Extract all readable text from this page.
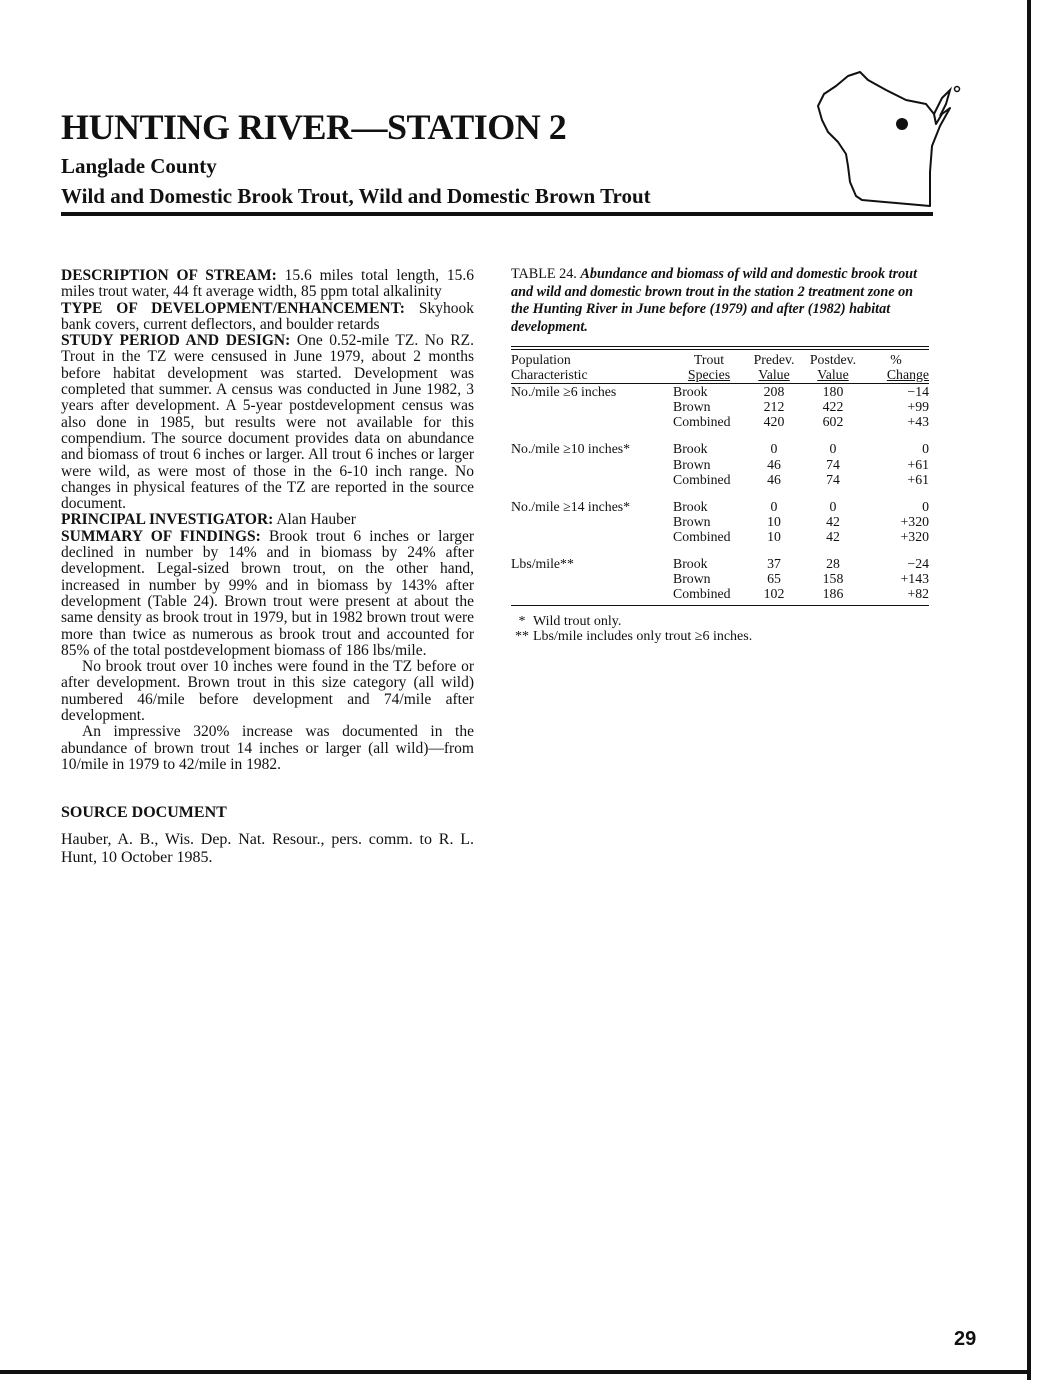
HUNTING RIVER—STATION 2
Langlade County
Wild and Domestic Brook Trout, Wild and Domestic Brown Trout

DESCRIPTION OF STREAM: 15.6 miles total length, 15.6 miles trout water, 44 ft average width, 85 ppm total alkalinity

TYPE OF DEVELOPMENT/ENHANCEMENT: Skyhook bank covers, current deflectors, and boulder retards

STUDY PERIOD AND DESIGN: One 0.52-mile TZ. No RZ. Trout in the TZ were censused in June 1979, about 2 months before habitat development was started. Development was completed that summer. A census was conducted in June 1982, 3 years after development. A 5-year postdevelopment census was also done in 1985, but results were not available for this compendium. The source document provides data on abundance and biomass of trout 6 inches or larger. All trout 6 inches or larger were wild, as were most of those in the 6-10 inch range. No changes in physical features of the TZ are reported in the source document.

PRINCIPAL INVESTIGATOR: Alan Hauber

SUMMARY OF FINDINGS: Brook trout 6 inches or larger declined in number by 14% and in biomass by 24% after development. Legal-sized brown trout, on the other hand, increased in number by 99% and in biomass by 143% after development (Table 24). Brown trout were present at about the same density as brook trout in 1979, but in 1982 brown trout were more than twice as numerous as brook trout and accounted for 85% of the total postdevelopment biomass of 186 lbs/mile.

No brook trout over 10 inches were found in the TZ before or after development. Brown trout in this size category (all wild) numbered 46/mile before development and 74/mile after development.

An impressive 320% increase was documented in the abundance of brown trout 14 inches or larger (all wild)—from 10/mile in 1979 to 42/mile in 1982.

SOURCE DOCUMENT

Hauber, A. B., Wis. Dep. Nat. Resour., pers. comm. to R. L. Hunt, 10 October 1985.

TABLE 24. Abundance and biomass of wild and domestic brook trout and wild and domestic brown trout in the station 2 treatment zone on the Hunting River in June before (1979) and after (1982) habitat development.
Population	Trout	Predev.	Postdev.	%
Characteristic	Species	Value	Value	Change

No./mile ≥6 inches	Brook	208	180	−14
	Brown	212	422	+99
	Combined	420	602	+43

No./mile ≥10 inches*	Brook	0	0	0
	Brown	46	74	+61
	Combined	46	74	+61

No./mile ≥14 inches*	Brook	0	0	0
	Brown	10	42	+320
	Combined	10	42	+320

Lbs/mile**	Brook	37	28	−24
	Brown	65	158	+143
	Combined	102	186	+82
* Wild trout only.
** Lbs/mile includes only trout ≥6 inches.
29
